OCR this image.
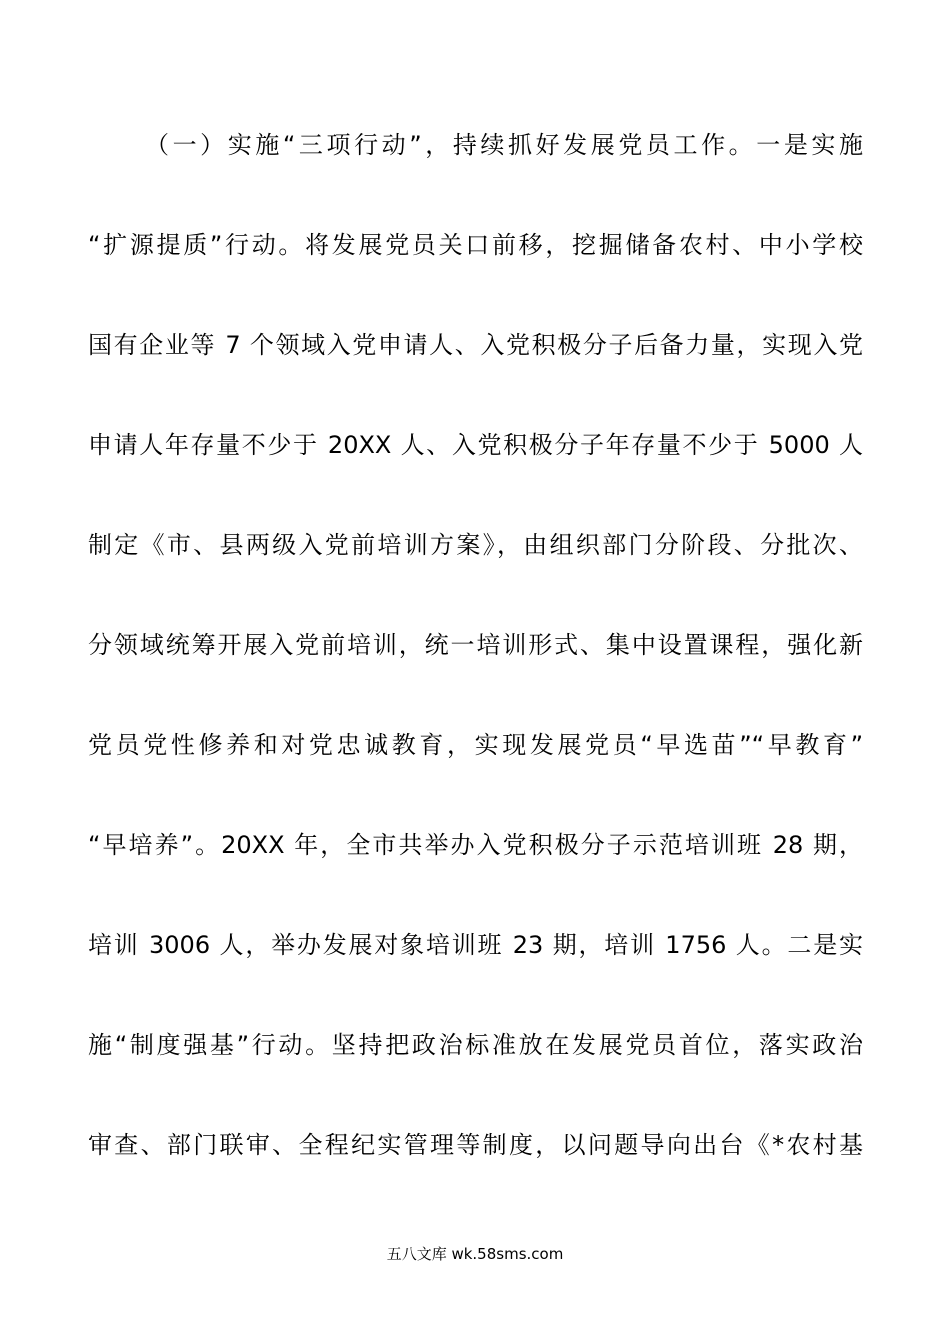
（一）实施“三项行动”，持续抓好发展党员工作。一是实施
“扩源提质”行动。将发展党员关口前移，挖掘储备农村、中小学校
国有企业等 7 个领域入党申请人、入党积极分子后备力量，实现入党
申请人年存量不少于 20XX 人、入党积极分子年存量不少于 5000 人
制定《市、县两级入党前培训方案》，由组织部门分阶段、分批次、
分领域统筹开展入党前培训，统一培训形式、集中设置课程，强化新
党员党性修养和对党忠诚教育，实现发展党员“早选苗”“早教育”
“早培养”。20XX 年，全市共举办入党积极分子示范培训班 28 期，
培训 3006 人，举办发展对象培训班 23 期，培训 1756 人。二是实
施“制度强基”行动。坚持把政治标准放在发展党员首位，落实政治
审查、部门联审、全程纪实管理等制度，以问题导向出台《*农村基
五八文库 wk.58sms.com
